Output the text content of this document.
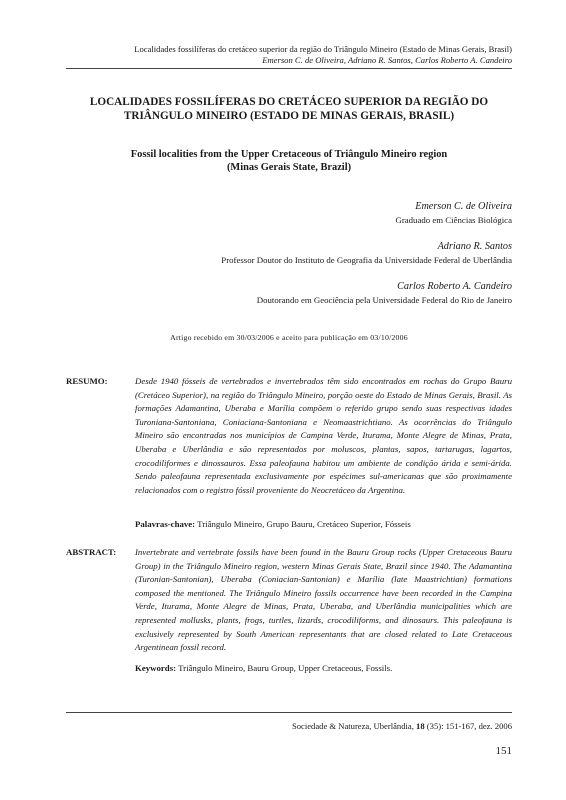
Localidades fossilíferas do cretáceo superior da região do Triângulo Mineiro (Estado de Minas Gerais, Brasil)
Emerson C. de Oliveira, Adriano R. Santos, Carlos Roberto A. Candeiro
LOCALIDADES FOSSILÍFERAS DO CRETÁCEO SUPERIOR DA REGIÃO DO
TRIÂNGULO MINEIRO (ESTADO DE MINAS GERAIS, BRASIL)
Fossil localities from the Upper Cretaceous of Triângulo Mineiro region
(Minas Gerais State, Brazil)
Emerson C. de Oliveira
Graduado em Ciências Biológica
Adriano R. Santos
Professor Doutor do Instituto de Geografia da Universidade Federal de Uberlândia
Carlos Roberto A. Candeiro
Doutorando em Geociência pela Universidade Federal do Rio de Janeiro
Artigo recebido em 30/03/2006 e aceito para publicação em 03/10/2006
RESUMO:	Desde 1940 fósseis de vertebrados e invertebrados têm sido encontrados em rochas do Grupo Bauru (Cretáceo Superior), na região do Triângulo Mineiro, porção oeste do Estado de Minas Gerais, Brasil. As formações Adamantina, Uberaba e Marília compõem o referido grupo sendo suas respectivas idades Turoniana-Santoniana, Coniaciana-Santoniana e Neomaastrichtiano. As ocorrências do Triângulo Mineiro são encontradas nos municípios de Campina Verde, Ituramа, Monte Alegre de Minas, Prata, Uberaba e Uberlândia e são representados por moluscos, plantas, sapos, tartarugas, lagartos, crocodiliformes e dinossauros. Essa paleofauna habitou um ambiente de condição árida e semi-árida. Sendo paleofauna representada exclusivamente por espécimes sul-americanas que são proximamente relacionados com o registro fóssil proveniente do Neocretáceo da Argentina.
Palavras-chave: Triângulo Mineiro, Grupo Bauru, Cretáceo Superior, Fósseis
ABSTRACT: Invertebrate and vertebrate fossils have been found in the Bauru Group rocks (Upper Cretaceous Bauru Group) in the Triângulo Mineiro region, western Minas Gerais State, Brazil since 1940. The Adamantina (Turonian-Santonian), Uberaba (Coniacian-Santonian) e Marília (late Maastrichtian) formations composed the mentioned. The Triângulo Mineiro fossils occurrence have been recorded in the Campina Verde, Iturama, Monte Alegre de Minas, Prata, Uberaba, and Uberlândia municipalities which are represented mollusks, plants, frogs, turtles, lizards, crocodiliforms, and dinosaurs. This paleofauna is exclusively represented by South American representants that are closed related to Late Cretaceous Argentinean fossil record.
Keywords: Triângulo Mineiro, Bauru Group, Upper Cretaceous, Fossils.
Sociedade & Natureza, Uberlândia, 18 (35): 151-167, dez. 2006
151
